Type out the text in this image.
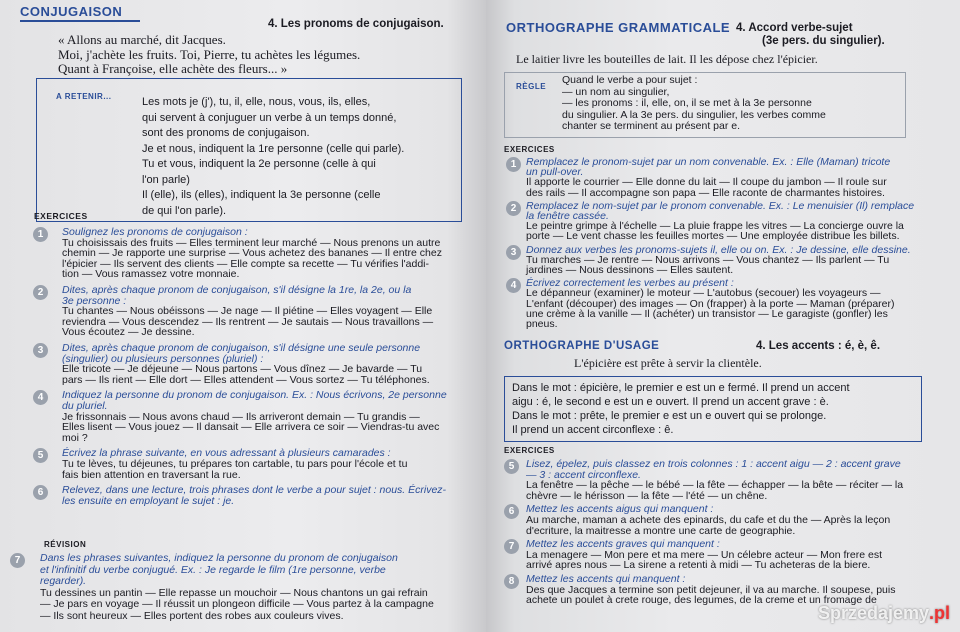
CONJUGAISON
4. Les pronoms de conjugaison.
« Allons au marché, dit Jacques.
Moi, j'achète les fruits. Toi, Pierre, tu achètes les légumes.
Quant à Françoise, elle achète des fleurs... »
A RETENIR...	Les mots je (j'), tu, il, elle, nous, vous, ils, elles,
qui servent à conjuguer un verbe à un temps donné,
sont des pronoms de conjugaison.
Je et nous, indiquent la 1re personne (celle qui parle).
Tu et vous, indiquent la 2e personne (celle à qui
l'on parle)
Il (elle), ils (elles), indiquent la 3e personne (celle
de qui l'on parle).
EXERCICES
RÉVISION
1	Soulignez les pronoms de conjugaison :
Tu choisissais des fruits — Elles terminent leur marché — Nous prenons un autre
chemin — Je rapporte une surprise — Vous achetez des bananes — Il entre chez
l'épicier — Ils servent des clients — Elle compte sa recette — Tu vérifies l'addi-
tion — Vous ramassez votre monnaie.
2	Dites, après chaque pronom de conjugaison, s'il désigne la 1re, la 2e, ou la
3e personne :
Tu chantes — Nous obéissons — Je nage — Il piétine — Elles voyagent — Elle
reviendra — Vous descendez — Ils rentrent — Je sautais — Nous travaillons —
Vous écoutez — Je dessine.
3	Dites, après chaque pronom de conjugaison, s'il désigne une seule personne
(singulier) ou plusieurs personnes (pluriel) :
Elle tricote — Je déjeune — Nous partons — Vous dînez — Je bavarde — Tu
pars — Ils rient — Elle dort — Elles attendent — Vous sortez — Tu téléphones.
4	Indiquez la personne du pronom de conjugaison. Ex. : Nous écrivons, 2e personne
du pluriel.
Je frissonnais — Nous avons chaud — Ils arriveront demain — Tu grandis —
Elles lisent — Vous jouez — Il dansait — Elle arrivera ce soir — Viendras-tu avec
moi ?
5	Écrivez la phrase suivante, en vous adressant à plusieurs camarades :
Tu te lèves, tu déjeunes, tu prépares ton cartable, tu pars pour l'école et tu
fais bien attention en traversant la rue.
6	Relevez, dans une lecture, trois phrases dont le verbe a pour sujet : nous. Écrivez-
les ensuite en employant le sujet : je.
7	Dans les phrases suivantes, indiquez la personne du pronom de conjugaison
et l'infinitif du verbe conjugué. Ex. : Je regarde le film (1re personne, verbe
regarder).
Tu dessines un pantin — Elle repasse un mouchoir — Nous chantons un gai refrain
— Je pars en voyage — Il réussit un plongeon difficile — Vous partez à la campagne
— Ils sont heureux — Elles portent des robes aux couleurs vives.
ORTHOGRAPHE GRAMMATICALE 4. Accord verbe-sujet
(3e pers. du singulier).
Le laitier livre les bouteilles de lait. Il les dépose chez l'épicier.
RÈGLE
Quand le verbe a pour sujet :
— un nom au singulier,
— les pronoms : il, elle, on, il se met à la 3e personne
du singulier. A la 3e pers. du singulier, les verbes comme
chanter se terminent au présent par e.
EXERCICES
1 Remplacez le pronom-sujet par un nom convenable. Ex. : Elle (Maman) tricote
un pull-over.
Il apporte le courrier — Elle donne du lait — Il coupe du jambon — Il roule sur
des rails — Il accompagne son papa — Elle raconte de charmantes histoires.
2 Remplacez le nom-sujet par le pronom convenable. Ex. : Le menuisier (Il) remplace
la fenêtre cassée.
Le peintre grimpe à l'échelle — La pluie frappe les vitres — La concierge ouvre la
porte — Le vent chasse les feuilles mortes — Une employée distribue les billets.
3 Donnez aux verbes les pronoms-sujets il, elle ou on. Ex. : Je dessine, elle dessine.
Tu marches — Je rentre — Nous arrivons — Vous chantez — Ils parlent — Tu
jardines — Nous dessinons — Elles sautent.
4 Écrivez correctement les verbes au présent :
Le dépanneur (examiner) le moteur — L'autobus (secouer) les voyageurs —
L'enfant (découper) des images — On (frapper) à la porte — Maman (préparer)
une crème à la vanille — Il (achéter) un transistor — Le garagiste (gonfler) les
pneus.
ORTHOGRAPHE D'USAGE	4. Les accents : é, è, ê.
L'épicière est prête à servir la clientèle.
Dans le mot : épicière, le premier e est un e fermé. Il prend un accent
aigu : é, le second e est un e ouvert. Il prend un accent grave : è.
Dans le mot : prête, le premier e est un e ouvert qui se prolonge.
Il prend un accent circonflexe : ê.
EXERCICES
5	Lisez, épelez, puis classez en trois colonnes : 1 : accent aigu — 2 : accent grave
— 3 : accent circonflexe.
La fenêtre — la pêche — le bébé — la fête — échapper — la bête — réciter — la
chèvre — le hérisson — la fête — l'été — un chêne.
6	Mettez les accents aigus qui manquent :
Au marche, maman a achete des epinards, du cafe et du the — Après la leçon
d'ecriture, la maitresse a montre une carte de geographie.
7	Mettez les accents graves qui manquent :
La menagere — Mon pere et ma mere — Un célebre acteur — Mon frere est
arrivé apres nous — La sirene a retenti à midi — Tu acheteras de la biere.
8	Mettez les accents qui manquent :
Des que Jacques a termine son petit dejeuner, il va au marche. Il soupese, puis
achete un poulet à crete rouge, des legumes, de la creme et un fromage de
Sprzedajemy.pl
